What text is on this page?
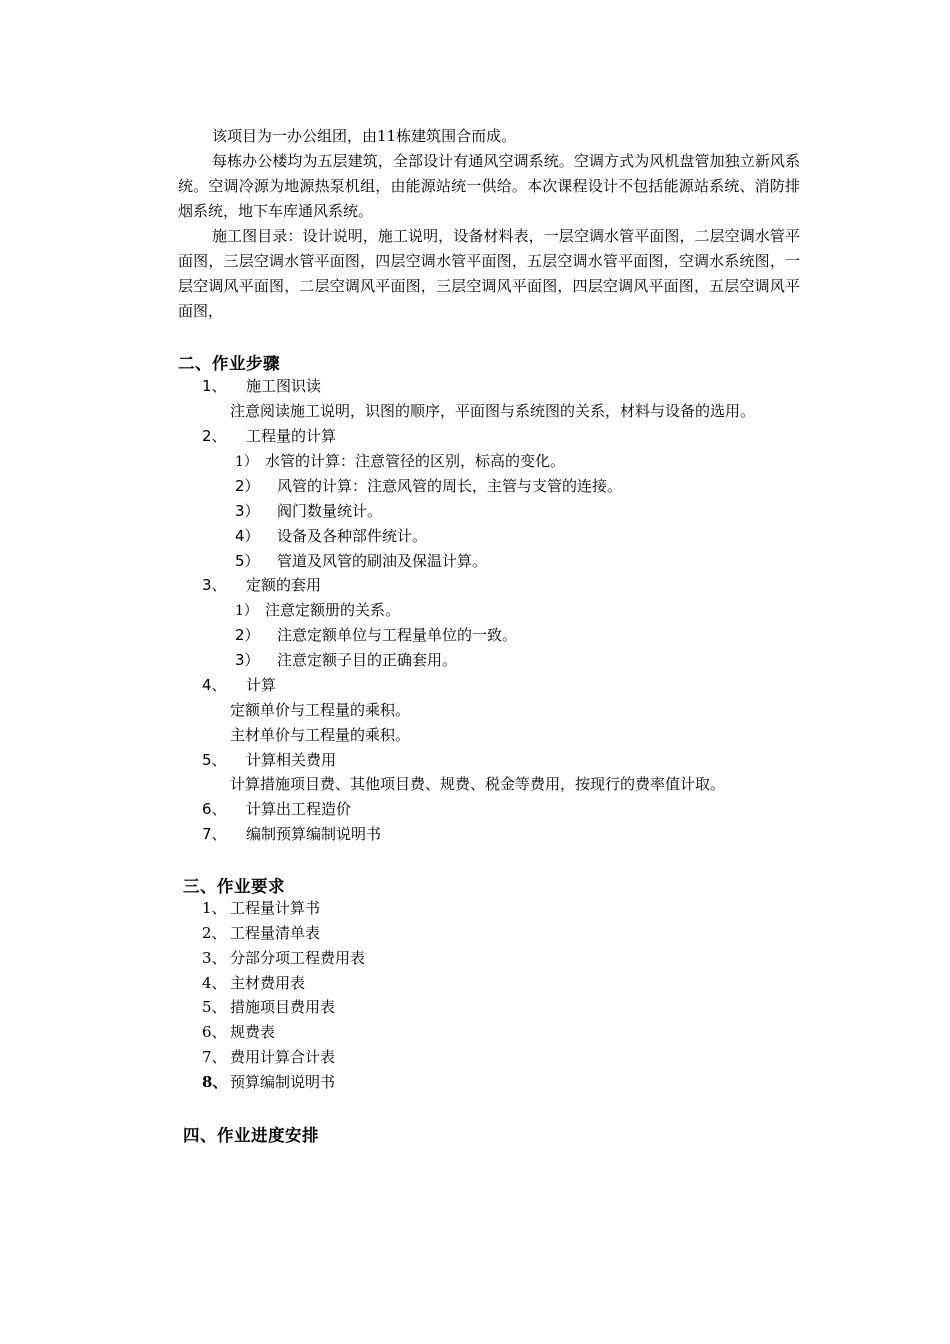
该项目为一办公组团，由11栋建筑围合而成。

每栋办公楼均为五层建筑，全部设计有通风空调系统。空调方式为风机盘管加独立新风系统。空调冷源为地源热泵机组，由能源站统一供给。本次课程设计不包括能源站系统、消防排烟系统，地下车库通风系统。

施工图目录：设计说明，施工说明，设备材料表，一层空调水管平面图，二层空调水管平面图，三层空调水管平面图，四层空调水管平面图，五层空调水管平面图，空调水系统图，一层空调风平面图，二层空调风平面图，三层空调风平面图，四层空调风平面图，五层空调风平面图，

二、作业步骤
1、 施工图识读
注意阅读施工说明，识图的顺序，平面图与系统图的关系，材料与设备的选用。
2、 工程量的计算
1） 水管的计算：注意管径的区别，标高的变化。
2） 风管的计算：注意风管的周长，主管与支管的连接。
3） 阀门数量统计。
4） 设备及各种部件统计。
5） 管道及风管的刷油及保温计算。
3、 定额的套用
1） 注意定额册的关系。
2） 注意定额单位与工程量单位的一致。
3） 注意定额子目的正确套用。
4、 计算
定额单价与工程量的乘积。
主材单价与工程量的乘积。
5、 计算相关费用
计算措施项目费、其他项目费、规费、税金等费用，按现行的费率值计取。
6、 计算出工程造价
7、 编制预算编制说明书
三、作业要求
1、 工程量计算书
2、 工程量清单表
3、 分部分项工程费用表
4、 主材费用表
5、 措施项目费用表
6、 规费表
7、 费用计算合计表
8、 预算编制说明书
四、作业进度安排
